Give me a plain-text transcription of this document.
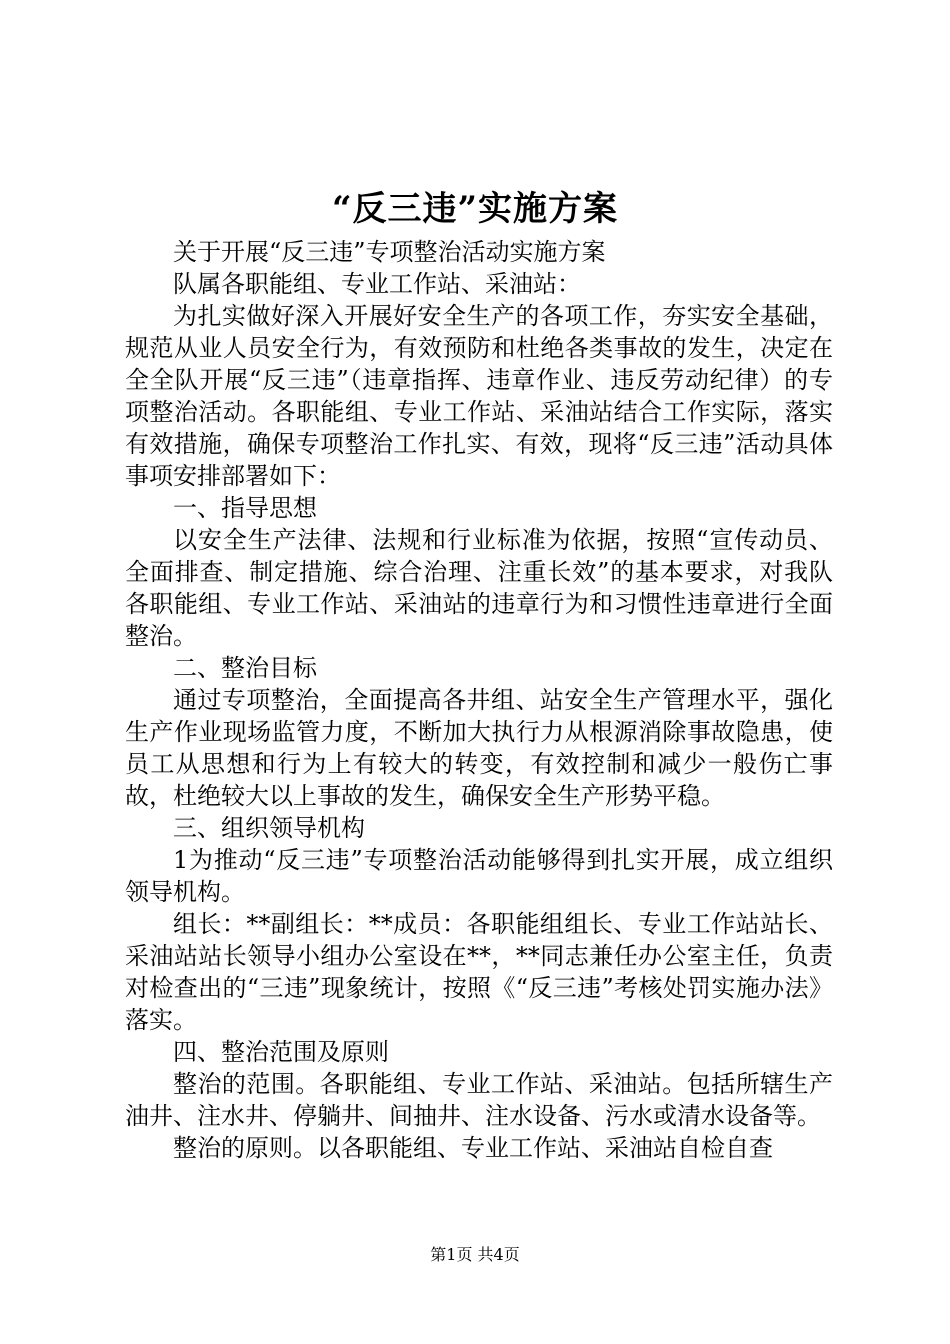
“反三违”实施方案

关于开展“反三违”专项整治活动实施方案

队属各职能组、专业工作站、采油站：

为扎实做好深入开展好安全生产的各项工作，夯实安全基础，规范从业人员安全行为，有效预防和杜绝各类事故的发生，决定在全全队开展“反三违”（违章指挥、违章作业、违反劳动纪律）的专项整治活动。各职能组、专业工作站、采油站结合工作实际，落实有效措施，确保专项整治工作扎实、有效，现将“反三违”活动具体事项安排部署如下：

一、指导思想

以安全生产法律、法规和行业标准为依据，按照“宣传动员、全面排查、制定措施、综合治理、注重长效”的基本要求，对我队各职能组、专业工作站、采油站的违章行为和习惯性违章进行全面整治。

二、整治目标

通过专项整治，全面提高各井组、站安全生产管理水平，强化生产作业现场监管力度，不断加大执行力从根源消除事故隐患，使员工从思想和行为上有较大的转变，有效控制和减少一般伤亡事故，杜绝较大以上事故的发生，确保安全生产形势平稳。

三、组织领导机构

1为推动“反三违”专项整治活动能够得到扎实开展，成立组织领导机构。

组长：**副组长：**成员：各职能组组长、专业工作站站长、采油站站长领导小组办公室设在**，**同志兼任办公室主任，负责对检查出的“三违”现象统计，按照《“反三违”考核处罚实施办法》落实。

四、整治范围及原则

整治的范围。各职能组、专业工作站、采油站。包括所辖生产油井、注水井、停躺井、间抽井、注水设备、污水或清水设备等。

整治的原则。以各职能组、专业工作站、采油站自检自查

第1页 共4页
